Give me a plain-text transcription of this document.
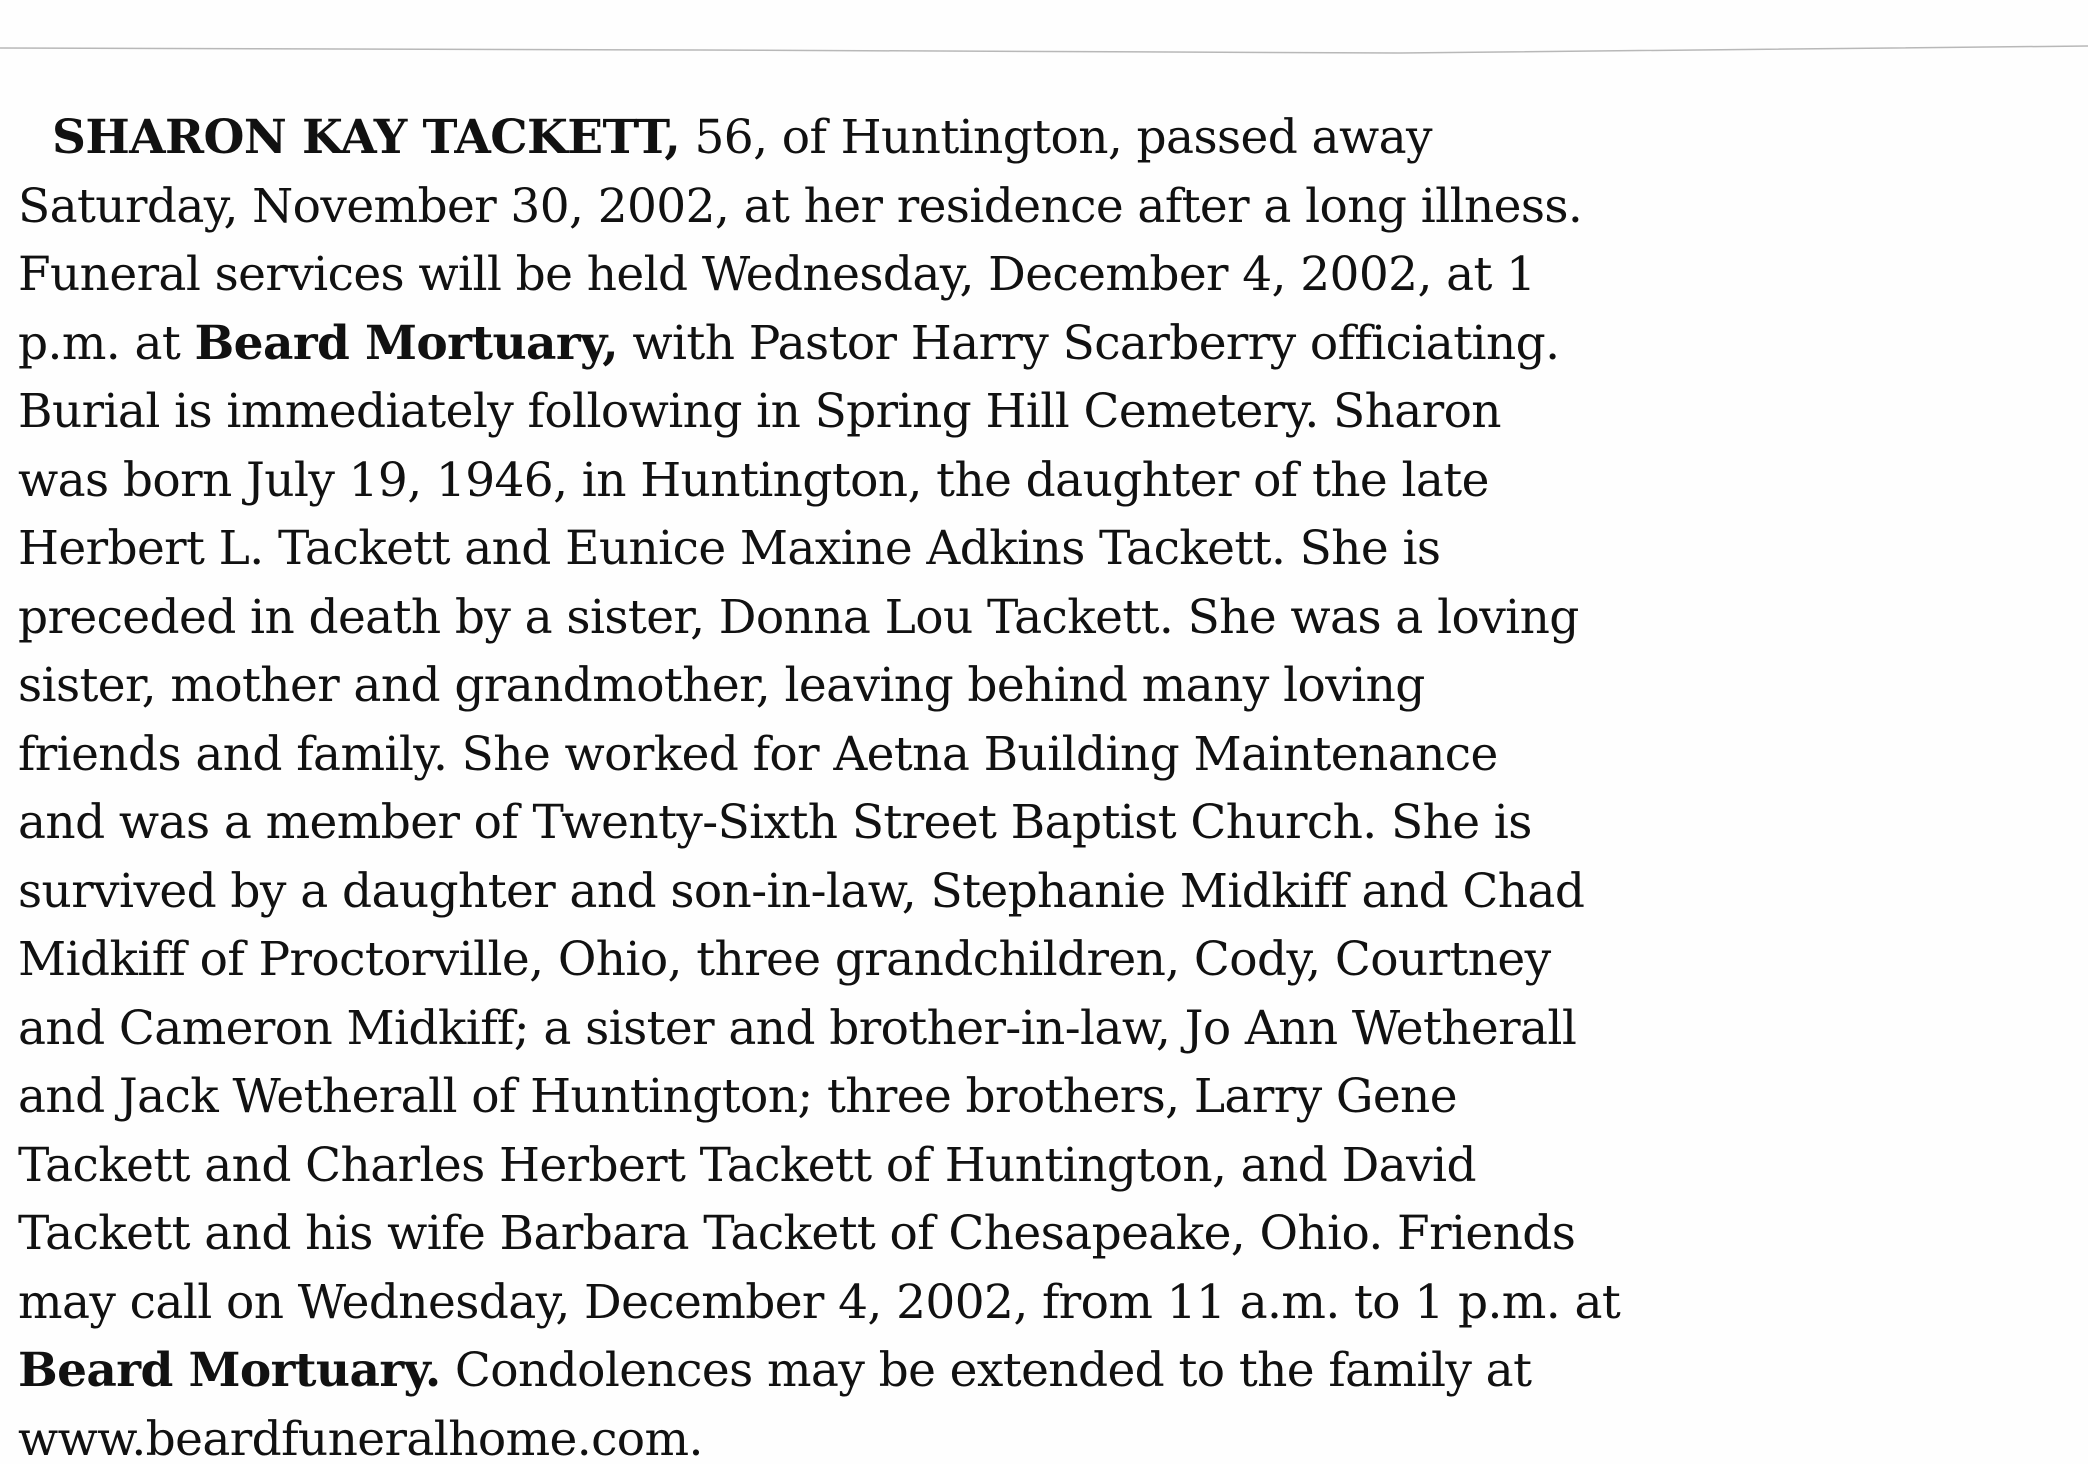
SHARON KAY TACKETT, 56, of Huntington, passed away
Saturday, November 30, 2002, at her residence after a long illness.
Funeral services will be held Wednesday, December 4, 2002, at 1
p.m. at Beard Mortuary, with Pastor Harry Scarberry officiating.
Burial is immediately following in Spring Hill Cemetery. Sharon
was born July 19, 1946, in Huntington, the daughter of the late
Herbert L. Tackett and Eunice Maxine Adkins Tackett. She is
preceded in death by a sister, Donna Lou Tackett. She was a loving
sister, mother and grandmother, leaving behind many loving
friends and family. She worked for Aetna Building Maintenance
and was a member of Twenty-Sixth Street Baptist Church. She is
survived by a daughter and son-in-law, Stephanie Midkiff and Chad
Midkiff of Proctorville, Ohio, three grandchildren, Cody, Courtney
and Cameron Midkiff; a sister and brother-in-law, Jo Ann Wetherall
and Jack Wetherall of Huntington; three brothers, Larry Gene
Tackett and Charles Herbert Tackett of Huntington, and David
Tackett and his wife Barbara Tackett of Chesapeake, Ohio. Friends
may call on Wednesday, December 4, 2002, from 11 a.m. to 1 p.m. at
Beard Mortuary. Condolences may be extended to the family at
www.beardfuneralhome.com.
